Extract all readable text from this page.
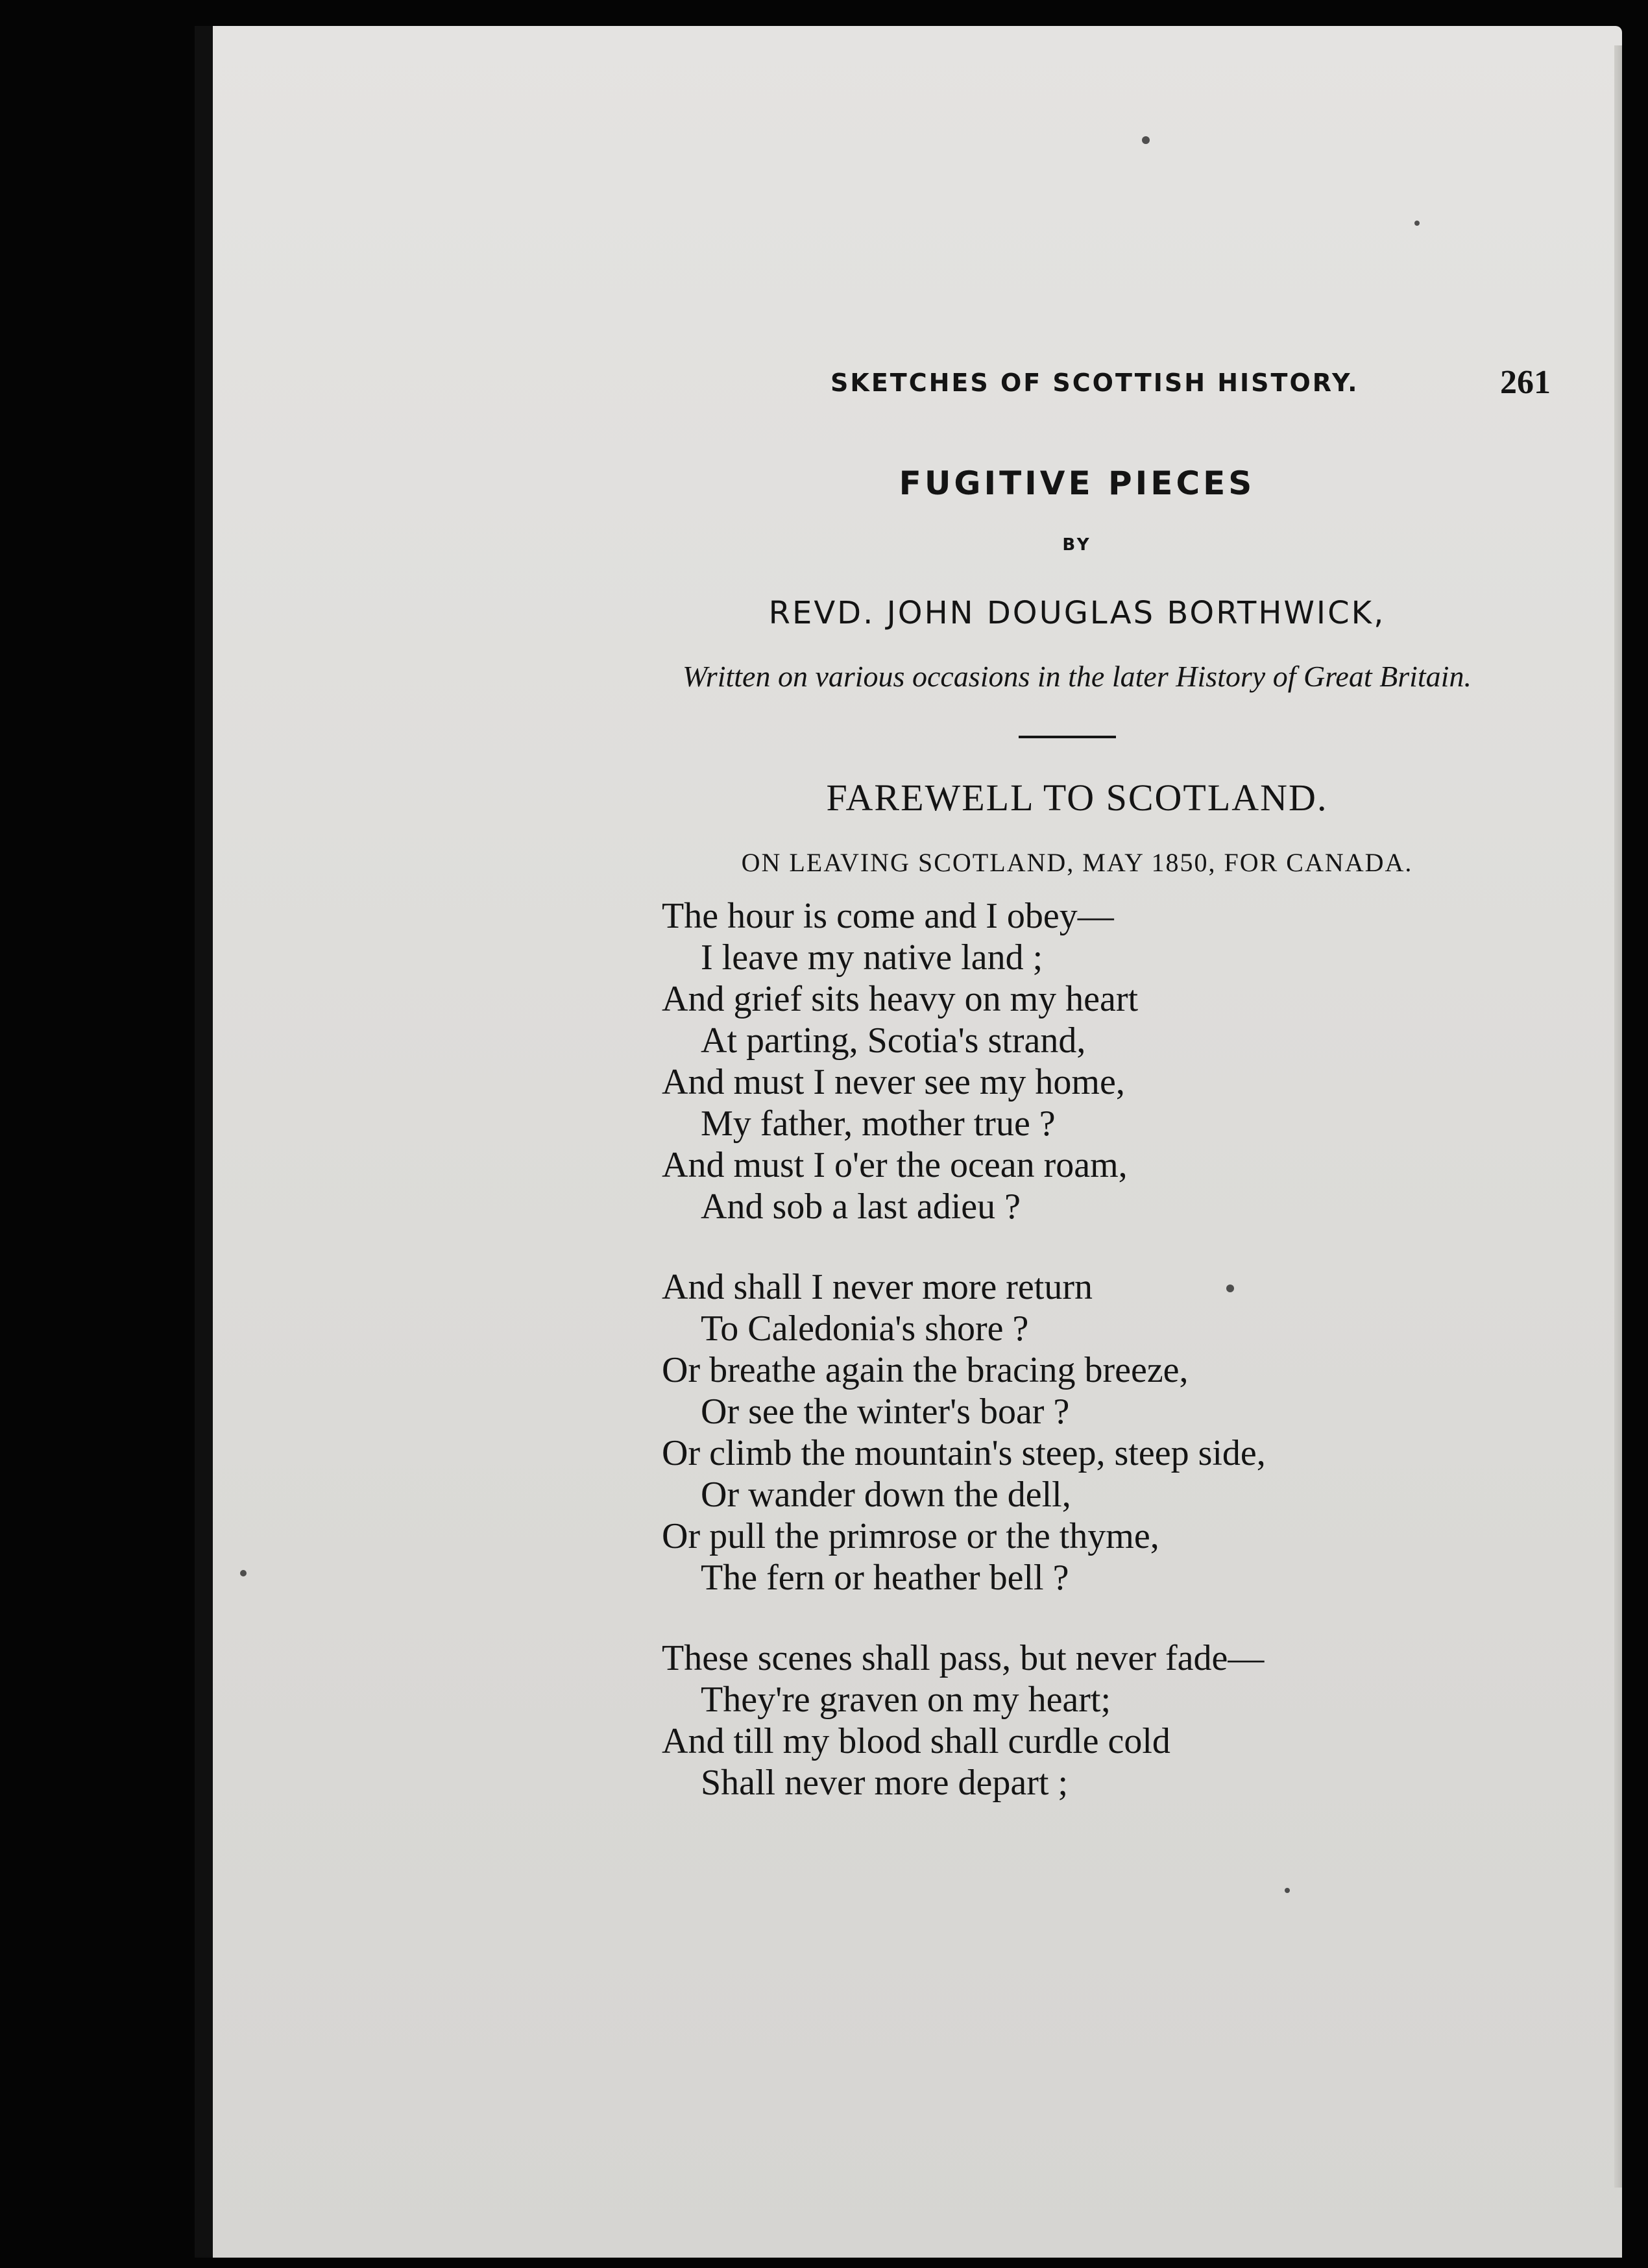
SKETCHES OF SCOTTISH HISTORY.	261
FUGITIVE PIECES
BY
REVD. JOHN DOUGLAS BORTHWICK,
Written on various occasions in the later History of Great Britain.
FAREWELL TO SCOTLAND.
ON LEAVING SCOTLAND, MAY 1850, FOR CANADA.
The hour is come and I obey—
I leave my native land ;
And grief sits heavy on my heart
At parting, Scotia's strand,
And must I never see my home,
My father, mother true ?
And must I o'er the ocean roam,
And sob a last adieu ?
And shall I never more return
To Caledonia's shore ?
Or breathe again the bracing breeze,
Or see the winter's boar ?
Or climb the mountain's steep, steep side,
Or wander down the dell,
Or pull the primrose or the thyme,
The fern or heather bell ?
These scenes shall pass, but never fade—
They're graven on my heart;
And till my blood shall curdle cold
Shall never more depart ;
